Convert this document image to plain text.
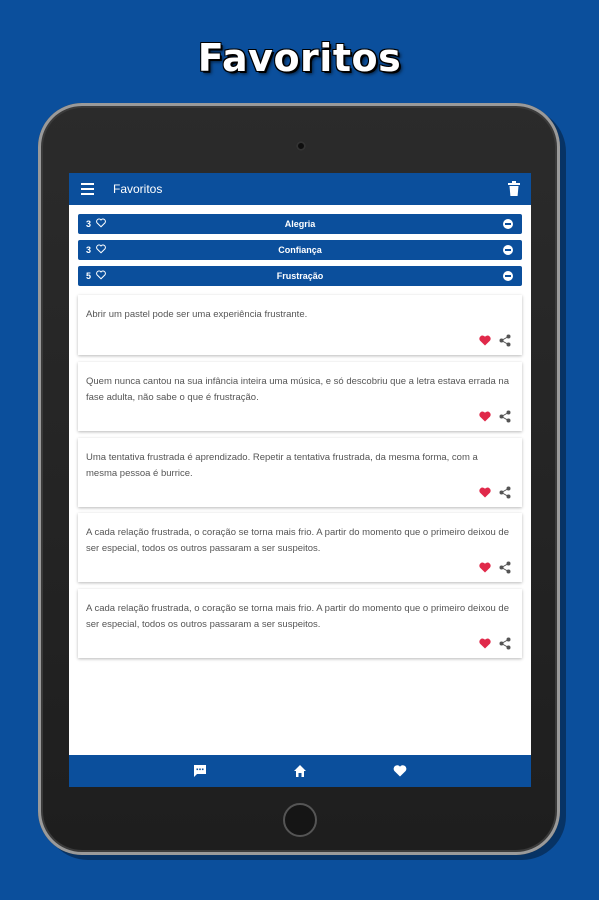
Favoritos
Favoritos
3	Alegria
3	Confiança
5	Frustração
Abrir um pastel pode ser uma experiência frustrante.
Quem nunca cantou na sua infância inteira uma música, e só descobriu que a letra estava errada na fase adulta, não sabe o que é frustração.
Uma tentativa frustrada é aprendizado. Repetir a tentativa frustrada, da mesma forma, com a mesma pessoa é burrice.
A cada relação frustrada, o coração se torna mais frio. A partir do momento que o primeiro deixou de ser especial, todos os outros passaram a ser suspeitos.
A cada relação frustrada, o coração se torna mais frio. A partir do momento que o primeiro deixou de ser especial, todos os outros passaram a ser suspeitos.
